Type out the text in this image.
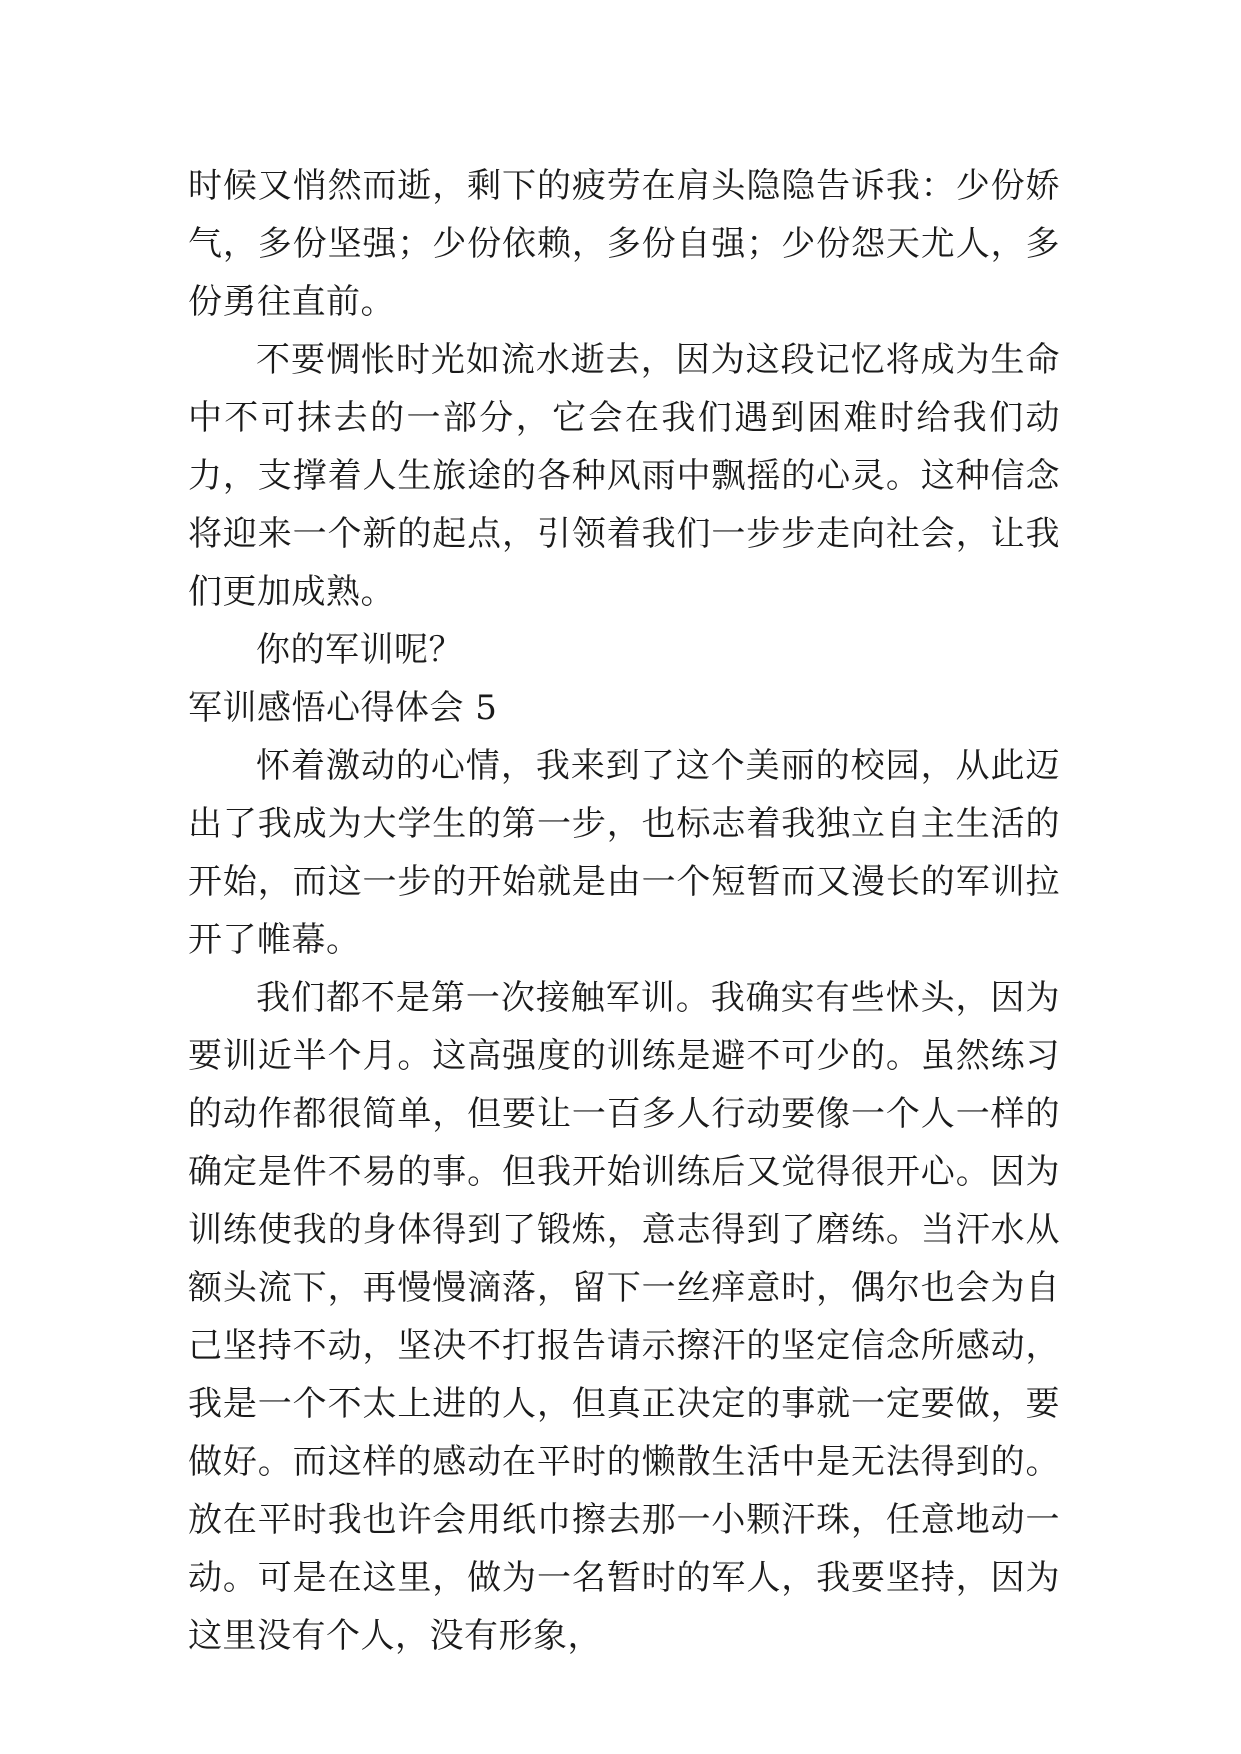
时候又悄然而逝，剩下的疲劳在肩头隐隐告诉我：少份娇气，多份坚强；少份依赖，多份自强；少份怨天尤人，多份勇往直前。

不要惆怅时光如流水逝去，因为这段记忆将成为生命中不可抹去的一部分，它会在我们遇到困难时给我们动力，支撑着人生旅途的各种风雨中飘摇的心灵。这种信念将迎来一个新的起点，引领着我们一步步走向社会，让我们更加成熟。

你的军训呢？

军训感悟心得体会 5

怀着激动的心情，我来到了这个美丽的校园，从此迈出了我成为大学生的第一步，也标志着我独立自主生活的开始，而这一步的开始就是由一个短暂而又漫长的军训拉开了帷幕。

我们都不是第一次接触军训。我确实有些怵头，因为要训近半个月。这高强度的训练是避不可少的。虽然练习的动作都很简单，但要让一百多人行动要像一个人一样的确定是件不易的事。但我开始训练后又觉得很开心。因为训练使我的身体得到了锻炼，意志得到了磨练。当汗水从额头流下，再慢慢滴落，留下一丝痒意时，偶尔也会为自己坚持不动，坚决不打报告请示擦汗的坚定信念所感动，我是一个不太上进的人，但真正决定的事就一定要做，要做好。而这样的感动在平时的懒散生活中是无法得到的。放在平时我也许会用纸巾擦去那一小颗汗珠，任意地动一动。可是在这里，做为一名暂时的军人，我要坚持，因为这里没有个人，没有形象，
